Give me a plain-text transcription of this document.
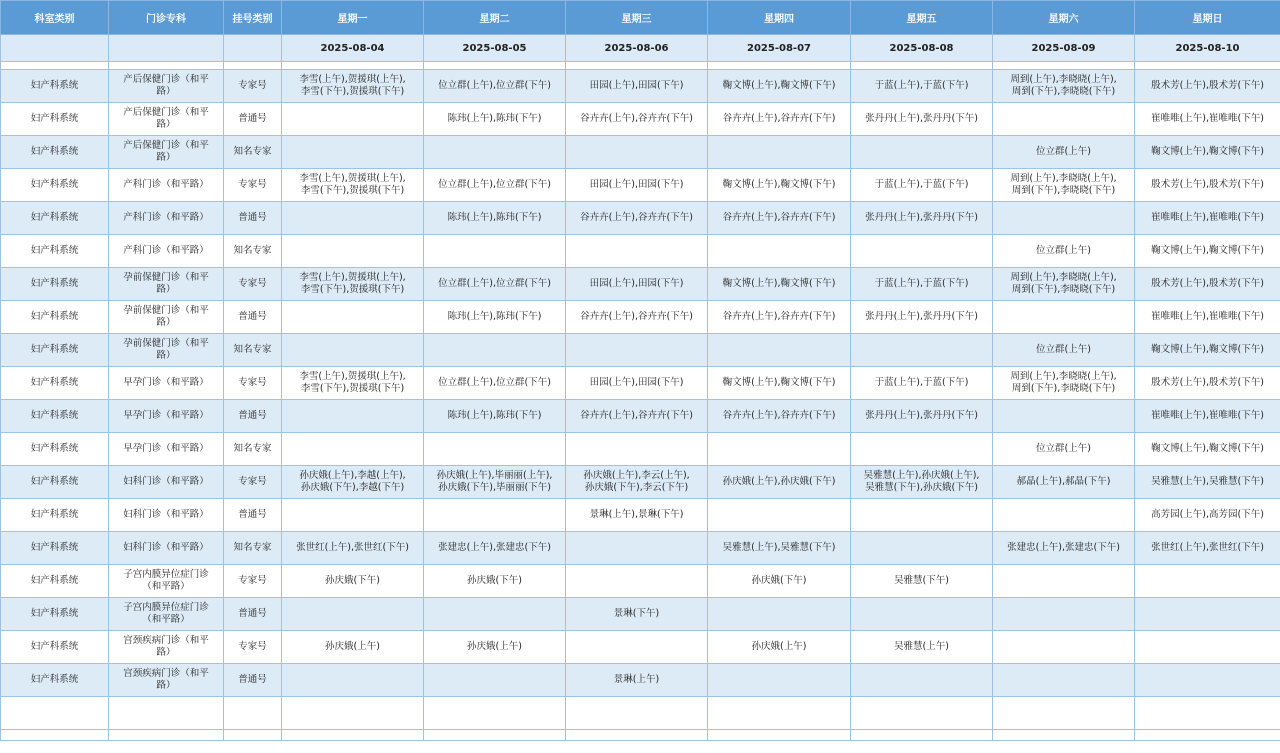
科室类别	门诊专科	挂号类别	星期一	星期二	星期三	星期四	星期五	星期六	星期日
			2025-08-04	2025-08-05	2025-08-06	2025-08-07	2025-08-08	2025-08-09	2025-08-10

妇产科系统	产后保健门诊（和平
路）	专家号	李雪(上午),贺援琪(上午),
李雪(下午),贺援琪(下午)	位立群(上午),位立群(下午)	田园(上午),田园(下午)	鞠文博(上午),鞠文博(下午)	于蓝(上午),于蓝(下午)	周到(上午),李晓晓(上午),
周到(下午),李晓晓(下午)	殷术芳(上午),殷术芳(下午)

妇产科系统	产后保健门诊（和平
路）	普通号		陈玮(上午),陈玮(下午)	谷卉卉(上午),谷卉卉(下午)	谷卉卉(上午),谷卉卉(下午)	张丹丹(上午),张丹丹(下午)		崔唯唯(上午),崔唯唯(下午)

妇产科系统	产后保健门诊（和平
路）	知名专家						位立群(上午)	鞠文博(上午),鞠文博(下午)

妇产科系统	产科门诊（和平路）	专家号	李雪(上午),贺援琪(上午),
李雪(下午),贺援琪(下午)	位立群(上午),位立群(下午)	田园(上午),田园(下午)	鞠文博(上午),鞠文博(下午)	于蓝(上午),于蓝(下午)	周到(上午),李晓晓(上午),
周到(下午),李晓晓(下午)	殷术芳(上午),殷术芳(下午)

妇产科系统	产科门诊（和平路）	普通号		陈玮(上午),陈玮(下午)	谷卉卉(上午),谷卉卉(下午)	谷卉卉(上午),谷卉卉(下午)	张丹丹(上午),张丹丹(下午)		崔唯唯(上午),崔唯唯(下午)

妇产科系统	产科门诊（和平路）	知名专家						位立群(上午)	鞠文博(上午),鞠文博(下午)

妇产科系统	孕前保健门诊（和平
路）	专家号	李雪(上午),贺援琪(上午),
李雪(下午),贺援琪(下午)	位立群(上午),位立群(下午)	田园(上午),田园(下午)	鞠文博(上午),鞠文博(下午)	于蓝(上午),于蓝(下午)	周到(上午),李晓晓(上午),
周到(下午),李晓晓(下午)	殷术芳(上午),殷术芳(下午)

妇产科系统	孕前保健门诊（和平
路）	普通号		陈玮(上午),陈玮(下午)	谷卉卉(上午),谷卉卉(下午)	谷卉卉(上午),谷卉卉(下午)	张丹丹(上午),张丹丹(下午)		崔唯唯(上午),崔唯唯(下午)

妇产科系统	孕前保健门诊（和平
路）	知名专家						位立群(上午)	鞠文博(上午),鞠文博(下午)

妇产科系统	早孕门诊（和平路）	专家号	李雪(上午),贺援琪(上午),
李雪(下午),贺援琪(下午)	位立群(上午),位立群(下午)	田园(上午),田园(下午)	鞠文博(上午),鞠文博(下午)	于蓝(上午),于蓝(下午)	周到(上午),李晓晓(上午),
周到(下午),李晓晓(下午)	殷术芳(上午),殷术芳(下午)

妇产科系统	早孕门诊（和平路）	普通号		陈玮(上午),陈玮(下午)	谷卉卉(上午),谷卉卉(下午)	谷卉卉(上午),谷卉卉(下午)	张丹丹(上午),张丹丹(下午)		崔唯唯(上午),崔唯唯(下午)

妇产科系统	早孕门诊（和平路）	知名专家						位立群(上午)	鞠文博(上午),鞠文博(下午)

妇产科系统	妇科门诊（和平路）	专家号	孙庆娥(上午),李越(上午),
孙庆娥(下午),李越(下午)	孙庆娥(上午),毕丽丽(上午),
孙庆娥(下午),毕丽丽(下午)	孙庆娥(上午),李云(上午),
孙庆娥(下午),李云(下午)	孙庆娥(上午),孙庆娥(下午)	吴雅慧(上午),孙庆娥(上午),
吴雅慧(下午),孙庆娥(下午)	郝晶(上午),郝晶(下午)	吴雅慧(上午),吴雅慧(下午)

妇产科系统	妇科门诊（和平路）	普通号			景琳(上午),景琳(下午)				高芳园(上午),高芳园(下午)

妇产科系统	妇科门诊（和平路）	知名专家	张世红(上午),张世红(下午)	张建忠(上午),张建忠(下午)		吴雅慧(上午),吴雅慧(下午)		张建忠(上午),张建忠(下午)	张世红(上午),张世红(下午)

妇产科系统	子宫内膜异位症门诊
（和平路）	专家号	孙庆娥(下午)	孙庆娥(下午)		孙庆娥(下午)	吴雅慧(下午)		

妇产科系统	子宫内膜异位症门诊
（和平路）	普通号			景琳(下午)				

妇产科系统	宫颈疾病门诊（和平
路）	专家号	孙庆娥(上午)	孙庆娥(上午)		孙庆娥(上午)	吴雅慧(上午)		

妇产科系统	宫颈疾病门诊（和平
路）	普通号			景琳(上午)				
